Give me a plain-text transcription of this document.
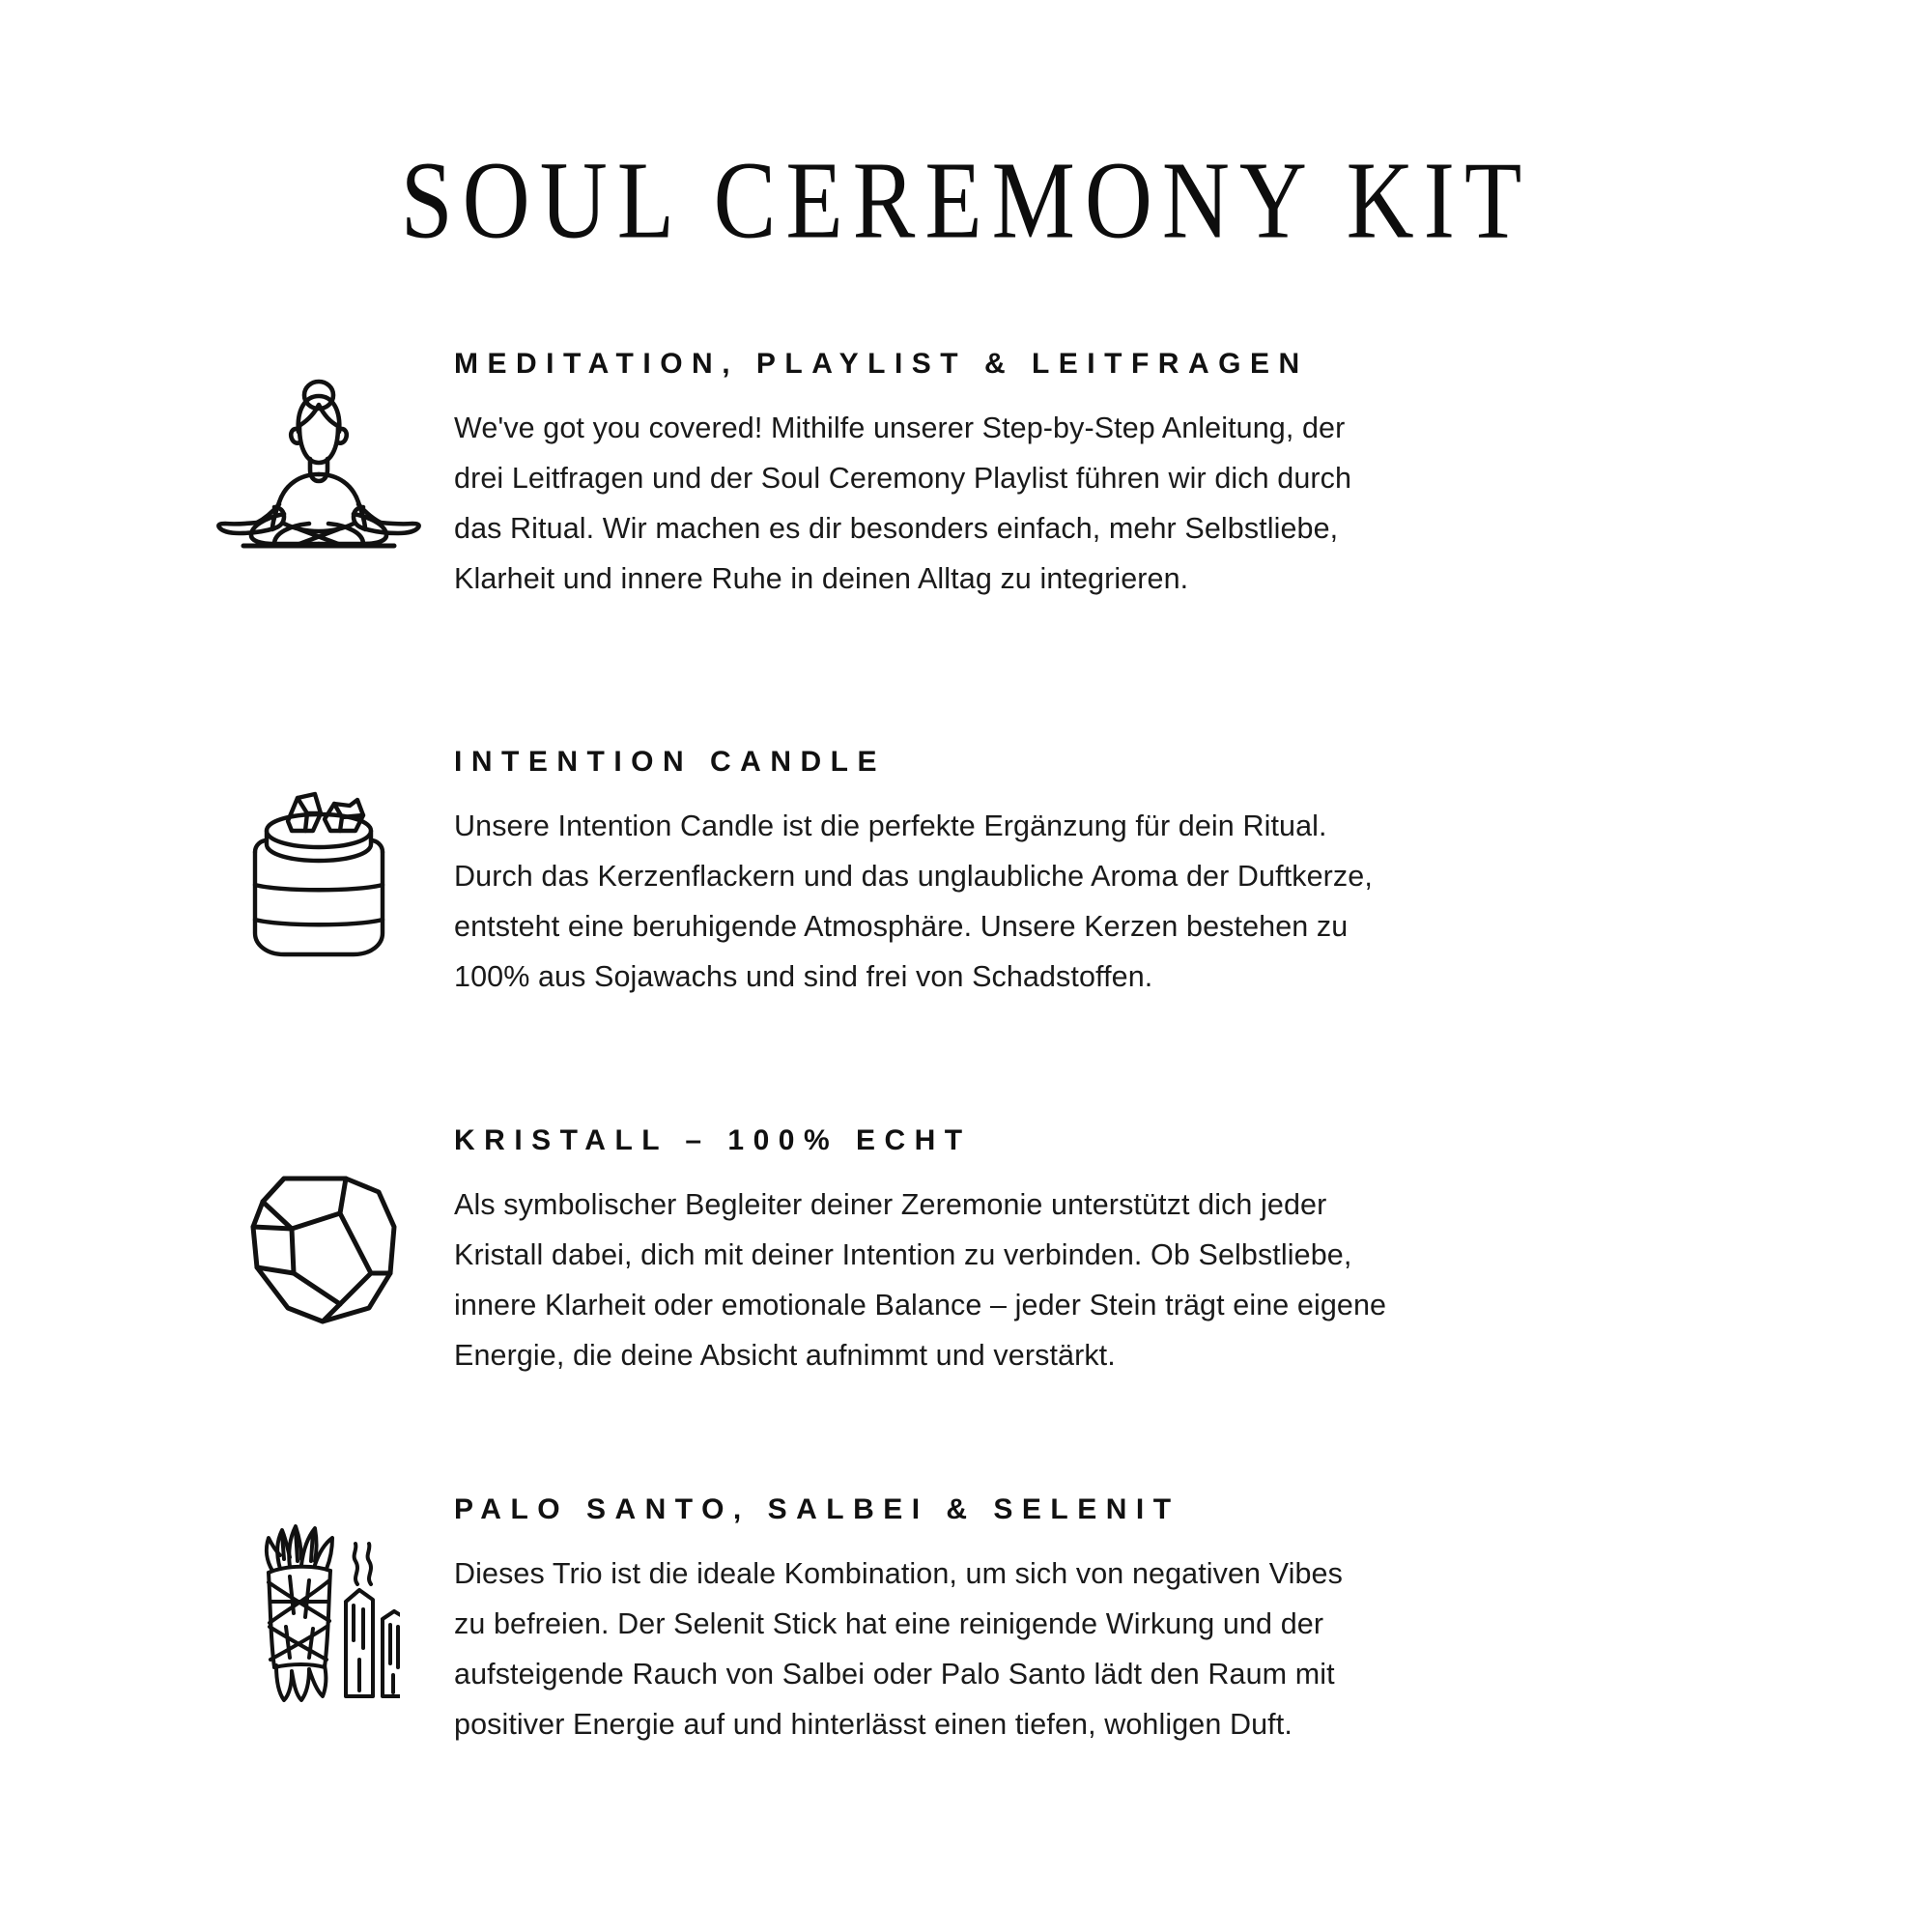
SOUL CEREMONY KIT
MEDITATION, PLAYLIST & LEITFRAGEN
We've got you covered! Mithilfe unserer Step-by-Step Anleitung, der
drei Leitfragen und der Soul Ceremony Playlist führen wir dich durch
das Ritual. Wir machen es dir besonders einfach, mehr Selbstliebe,
Klarheit und innere Ruhe in deinen Alltag zu integrieren.
INTENTION CANDLE
Unsere Intention Candle ist die perfekte Ergänzung für dein Ritual.
Durch das Kerzenflackern und das unglaubliche Aroma der Duftkerze,
entsteht eine beruhigende Atmosphäre. Unsere Kerzen bestehen zu
100% aus Sojawachs und sind frei von Schadstoffen.
KRISTALL – 100% ECHT
Als symbolischer Begleiter deiner Zeremonie unterstützt dich jeder
Kristall dabei, dich mit deiner Intention zu verbinden. Ob Selbstliebe,
innere Klarheit oder emotionale Balance – jeder Stein trägt eine eigene
Energie, die deine Absicht aufnimmt und verstärkt.
PALO SANTO, SALBEI & SELENIT
Dieses Trio ist die ideale Kombination, um sich von negativen Vibes
zu befreien. Der Selenit Stick hat eine reinigende Wirkung und der
aufsteigende Rauch von Salbei oder Palo Santo lädt den Raum mit
positiver Energie auf und hinterlässt einen tiefen, wohligen Duft.
